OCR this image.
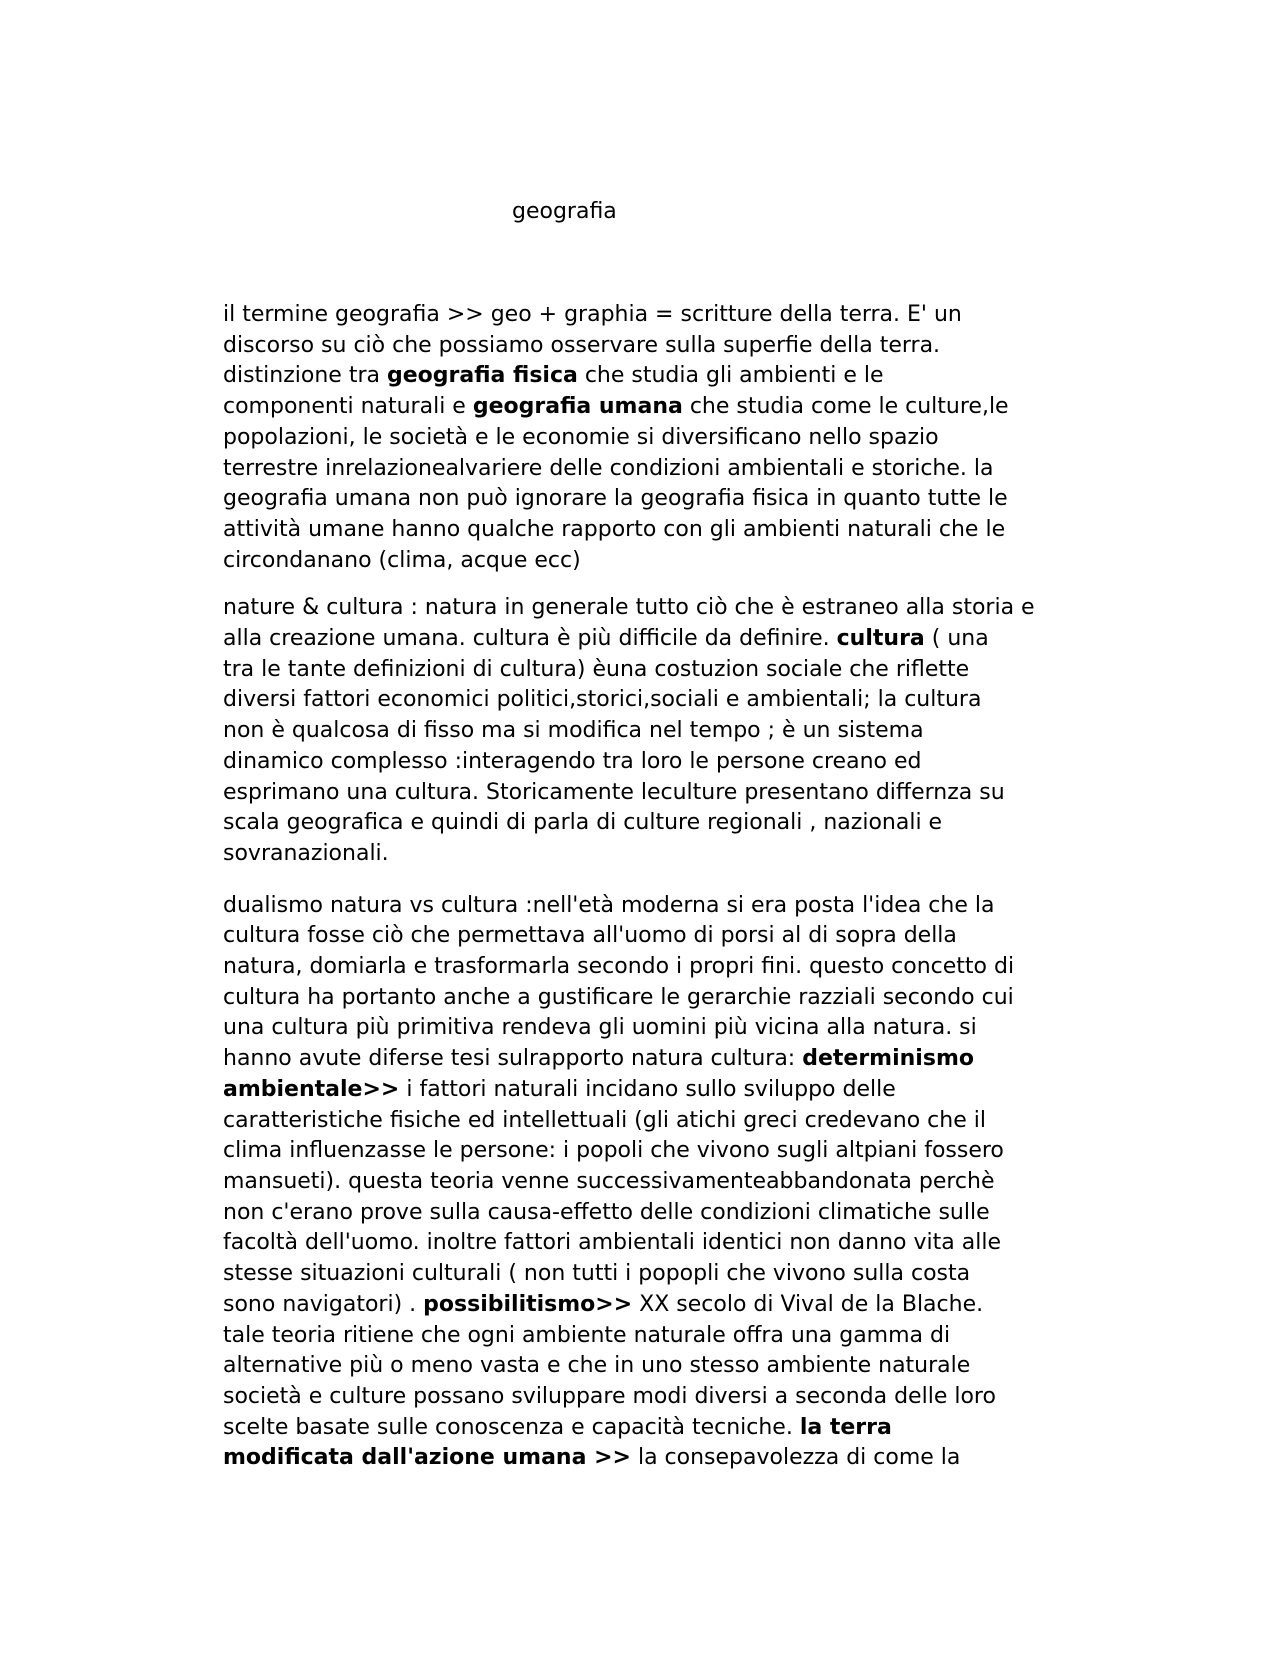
geografia

il termine geografia >> geo + graphia = scritture della terra. E' un
discorso su ciò che possiamo osservare sulla superfie della terra.
distinzione tra geografia fisica che studia gli ambienti e le
componenti naturali e geografia umana che studia come le culture,le
popolazioni, le società e le economie si diversificano nello spazio
terrestre inrelazionealvariere delle condizioni ambientali e storiche. la
geografia umana non può ignorare la geografia fisica in quanto tutte le
attività umane hanno qualche rapporto con gli ambienti naturali che le
circondanano (clima, acque ecc)

nature & cultura : natura in generale tutto ciò che è estraneo alla storia e
alla creazione umana. cultura è più difficile da definire. cultura ( una
tra le tante definizioni di cultura) èuna costuzion sociale che riflette
diversi fattori economici politici,storici,sociali e ambientali; la cultura
non è qualcosa di fisso ma si modifica nel tempo ; è un sistema
dinamico complesso :interagendo tra loro le persone creano ed
esprimano una cultura. Storicamente leculture presentano differnza su
scala geografica e quindi di parla di culture regionali , nazionali e
sovranazionali.

dualismo natura vs cultura :nell'età moderna si era posta l'idea che la
cultura fosse ciò che permettava all'uomo di porsi al di sopra della
natura, domiarla e trasformarla secondo i propri fini. questo concetto di
cultura ha portanto anche a gustificare le gerarchie razziali secondo cui
una cultura più primitiva rendeva gli uomini più vicina alla natura. si
hanno avute diferse tesi sulrapporto natura cultura: determinismo
ambientale>> i fattori naturali incidano sullo sviluppo delle
caratteristiche fisiche ed intellettuali (gli atichi greci credevano che il
clima influenzasse le persone: i popoli che vivono sugli altpiani fossero
mansueti). questa teoria venne successivamenteabbandonata perchè
non c'erano prove sulla causa-effetto delle condizioni climatiche sulle
facoltà dell'uomo. inoltre fattori ambientali identici non danno vita alle
stesse situazioni culturali ( non tutti i popopli che vivono sulla costa
sono navigatori) . possibilitismo>> XX secolo di Vival de la Blache.
tale teoria ritiene che ogni ambiente naturale offra una gamma di
alternative più o meno vasta e che in uno stesso ambiente naturale
società e culture possano sviluppare modi diversi a seconda delle loro
scelte basate sulle conoscenza e capacità tecniche. la terra
modificata dall'azione umana >> la consepavolezza di come la
